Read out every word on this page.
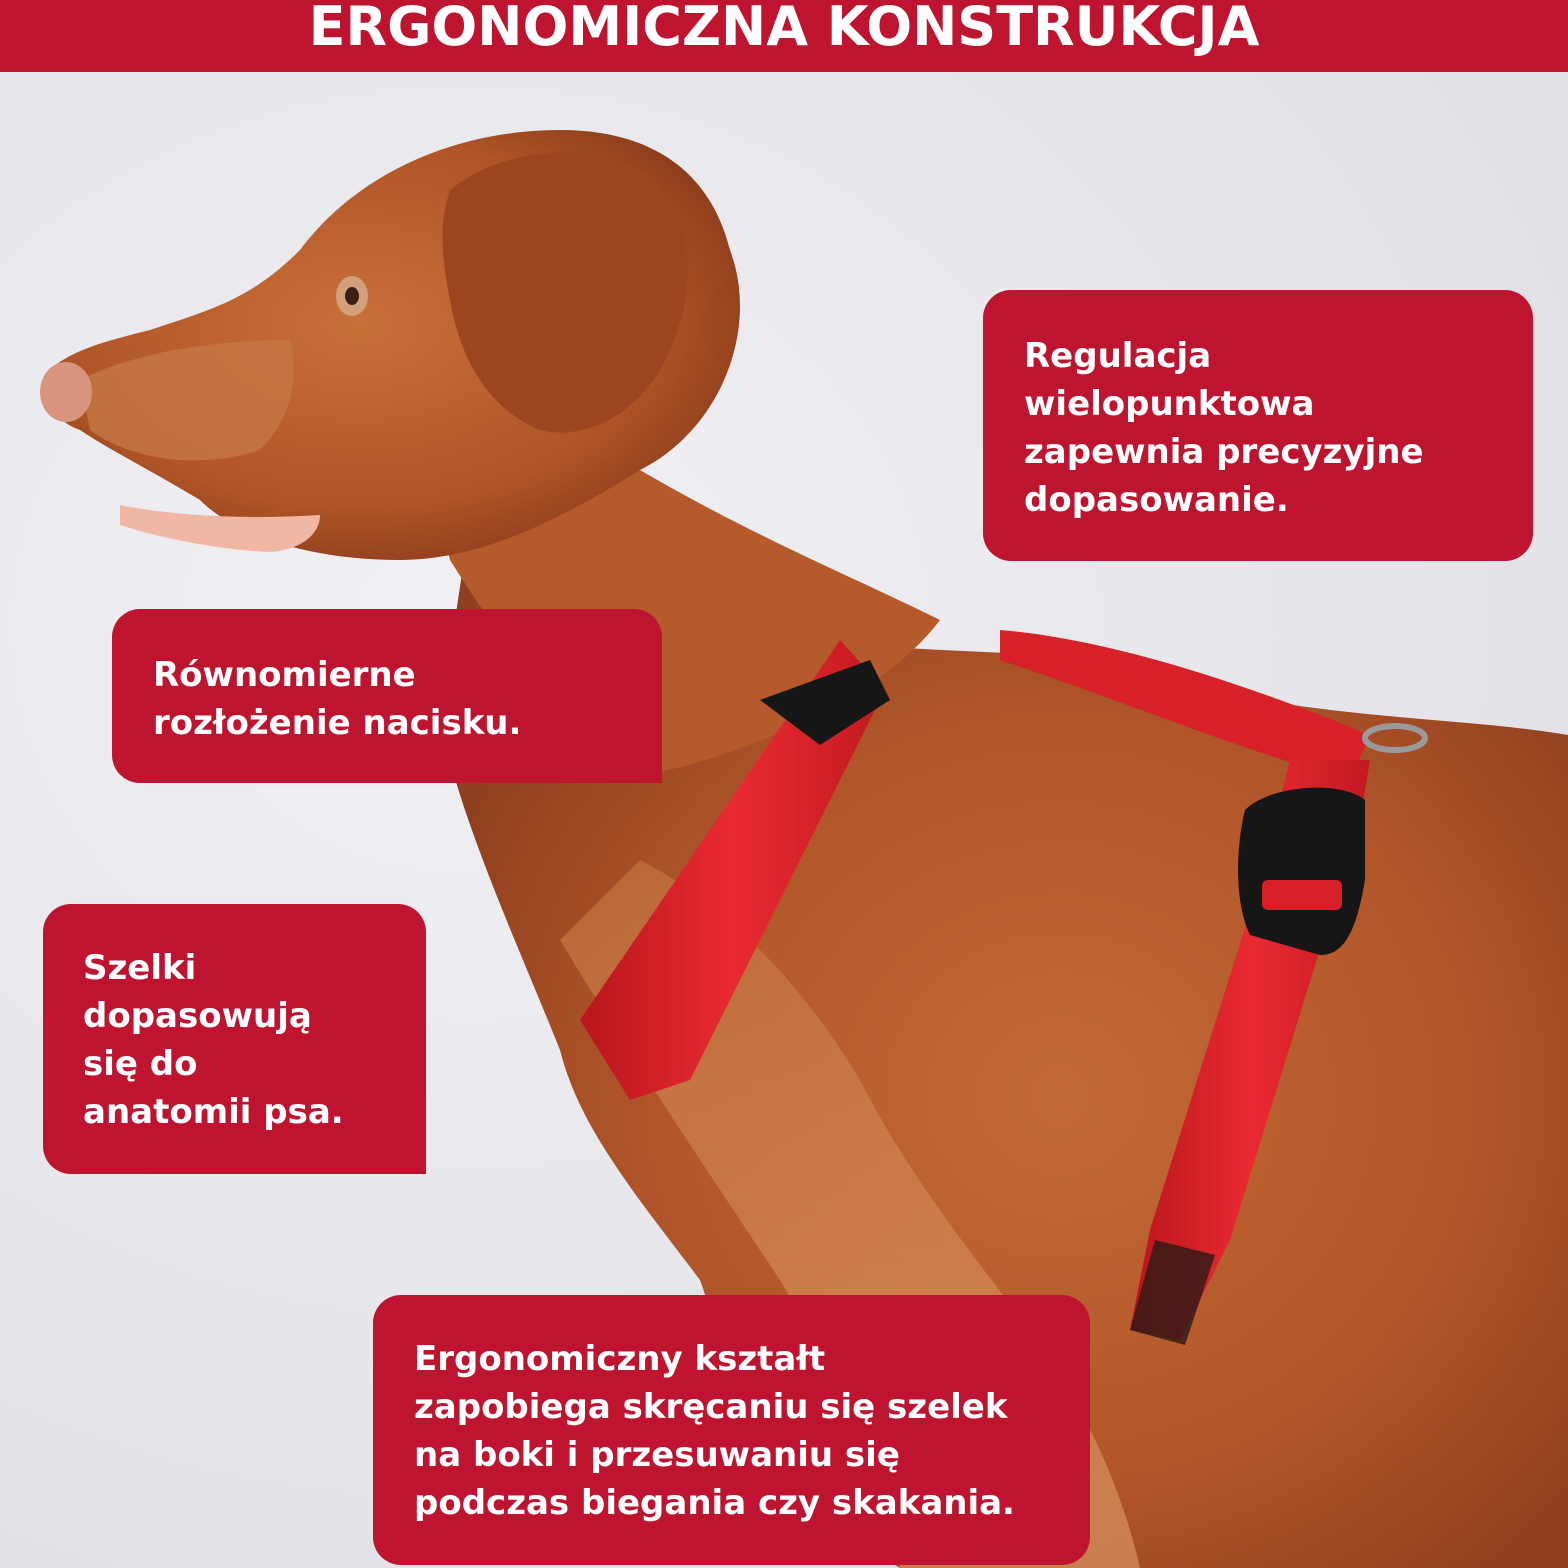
ERGONOMICZNA KONSTRUKCJA
Regulacja
wielopunktowa
zapewnia precyzyjne
dopasowanie.
Równomierne
rozłożenie nacisku.
Szelki
dopasowują
się do
anatomii psa.
Ergonomiczny kształt
zapobiega skręcaniu się szelek
na boki i przesuwaniu się
podczas biegania czy skakania.
